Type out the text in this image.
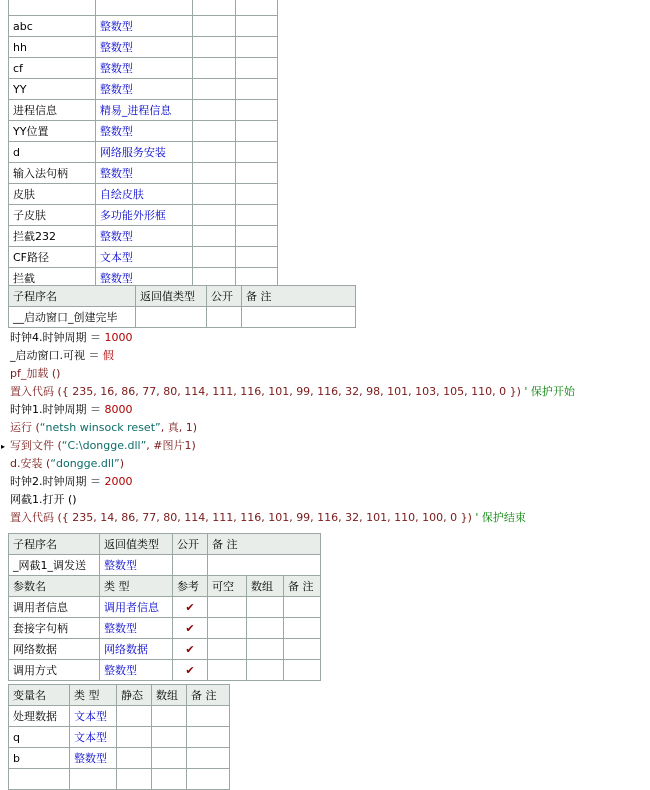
abc	整数型		
hh	整数型		
cf	整数型		
YY	整数型		
进程信息	精易_进程信息		
YY位置	整数型		
d	网络服务安装		
输入法句柄	整数型		
皮肤	自绘皮肤		
子皮肤	多功能外形框		
拦截232	整数型		
CF路径	文本型		
拦截	整数型		
子程序名	返回值类型	公开	备 注
__启动窗口_创建完毕			
时钟4.时钟周期 ＝ 1000
_启动窗口.可视 ＝ 假
pf_加载 ()
置入代码 ({ 235, 16, 86, 77, 80, 114, 111, 116, 101, 99, 116, 32, 98, 101, 103, 105, 110, 0 }) ' 保护开始
时钟1.时钟周期 ＝ 8000
运行 (“netsh winsock reset”, 真, 1)
▸ 写到文件 (“C:\dongge.dll”, #图片1)
d.安装 (“dongge.dll”)
时钟2.时钟周期 ＝ 2000
网截1.打开 ()
置入代码 ({ 235, 14, 86, 77, 80, 114, 111, 116, 101, 99, 116, 32, 101, 110, 100, 0 }) ' 保护结束
子程序名	返回值类型	公开	备 注		
_网截1_调发送	整数型				
参数名	类 型	参考	可空	数组	备 注
调用者信息	调用者信息	✔			
套接字句柄	整数型	✔			
网络数据	网络数据	✔			
调用方式	整数型	✔			
变量名	类 型	静态	数组	备 注
处理数据	文本型			
q	文本型			
b	整数型			
